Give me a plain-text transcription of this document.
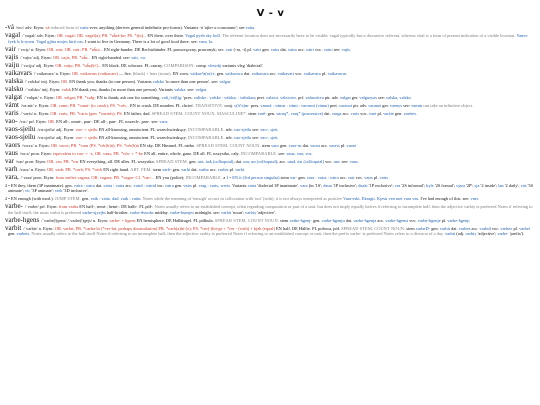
V - v
-vá /vɑː/ adv. Etym: vá reduced form of vaita ever, anything (derives general indefinite pro-forms). Variants -á 'after a consonant'; see vaita.
vagal /ˈvaɡal/ adv. Etym: OR. vagal; OR. vagal(a); PR. *uȟrā-ke; PS. *ṭ(u)... EN there, over there. Vagal pyeh sky holl. The referent location does not necessarily have to be visible; vagal typically has a discursive referent, whereas vital is a form of present indication of a visible location. Vanve fyek ls h‑rysen. Vagal gjāra mojes birū vas. I want to live in Germany. There is a lot of good food there. see: vara; la.
vair /ˈvaːi̯r/ n. Etym: OR. vair; OR. vair; PR. *uȟra... EN right‑hander. DE Rechtshänder. FL praworęczny, prawonyk; sec. vair (-ra, -i) pl. vairi gen. vairs dat. vaira acc. vairi voc. vairo see: vajis.
vajis /ˈvajis/ adj. Etym: OR. vajis; PR. *uȟr... EN right‑handed. see: vair, -ra.
vaiju /ˈvaːi̯ju/ adj. Etym: OR. vaiju; PR. *uȟa(kʷ)... EN black. DE schwarz. FL czarny. COMPARISON: comp. vleuobj variants vleg 'dialectal'.
vaikavars /ˈvaikavars/ n. Etym: OR. vaikavars (vaikavars) — fire. (black) + bars (stone), EN crow. vaikavʰa(ra)‑i; gen. vaikavoru dat. vaikavara acc. vaikavari voc. vaikavaro pl. vaikavarar.
valska /ˈvalska/ intj. Etym: OR. EN thank you, thanks (to one person). Variants valsko 'to more than one person'. see: valgat.
valsko /ˈvalsko/ intj. Etym: valsk EN thank you, thanks (to more than one person). Variants valska. see: valgat.
valgat /ˈvalɡat/ v. Etym: OR. valgat; PR. *ʋalg- EN to thank; ask one for something. valt₂ʳvá(l)g: 'pres. valiske : valske : valska; : valiskan; pret. valziot. valzictov. prf. valuozitva ptr. adv. valgat ger. valguzyas see: valska, valsko.
vámt /vaːmt/ v. Etym: OR. vamt; PR. *ʋamt- (to crush); PS. *ʋeh... EN to crush. DE murden. FL chcieć. TRANSITIVE. conj. v(ā°a)m‑ pres. vamsè : vámsi : vámt : vaomvá (vámu) pret. vaomot ptr. adv. vaomei ger. vaenys see: vamin can take an infinitive object.
varis /ˈvaris/ n. Etym: OR. varis; PR. *ʋaris (gen. *ʋarisēs); PS. EN father, dad. SPREAD STEM, COUNT NOUN, MASCULINE*. stem varê- gen. varuq*, varq* (possessive) dat. varga acc. varis voc. varė pl. varėte gen. varėtes.
vao‑ /vɑː/ prf. Etym: OR. EN all‑, omni‑, pan‑. DE all‑, pan‑. FL wszech‑, pan‑. see: vaos.
vaos‑sjeilu /vɑːsjeilu/ adj. Etym: vao‑ + sjeilu EN all‑knowing, omniscient. FL wszechwiedzący. INCOMPARABLE. adv. vao‑sjeilu see: vao‑, sjeit.
vaos‑sjeilu /vɑːsjeilu/ adj. Etym: vao‑ + sjeilu EN all‑knowing, omniscient. FL wszechwiedzący. INCOMPARABLE. adv. vao‑sjeilu see: vao‑, sjeit.
vaors /vɑːrs/ n. Etym: OR. vaors; PR. *ʋaru (PS. *ʋér(h)ŭ); PS. *ʋér(h)ŭ EN sky. DE Himmel. FL niebo. SPREAD STEM, COUNT NOUN. stem vaor gen. vaor‑ru dat. vaora acc. vaoris pl. vaorė
vaus /vɑːs/ pron. Etym: equivalent to vao‑ + -s; OR. vaus; PR. *ʋōs‑ + *-ke EN all, entire, whole, ganz. DE all. FL wszystko, cały. INCOMPARABLE. see: vaus; vao; vos.
var /var/ pron. Etym: OR. var; PR. *ʋar EN everything, all. DE alles. FL wszystko. SPREAD STEM. gen. urù, ùsk (colloquial); dat. ura; un (colloquial); acc. utad, ùst (colloquial) voc. urø. see: vaus.
varh /vaɾx/ n. Etym: OR. varh; PR. *ʋarh; PS. *ʋérh EN right hand. ART. FEM. stem varh‑ gen. varhi dat. varha acc. varhis pl. varhi.
vara, /ˈvara/ pron. Etym: from earlier vagara; OR. vagara; PR. *ʋagar- Cf. *ʋar-... EN you (polite); INCOMPARABLE. a 1 • EN it (3rd person singular) stem var‑ gen. vara : vaira : vaira acc. vair voc. vairs pl. varis
2 • EN they, them (3P inanimate). gen. vaira : vaira dat. vaira : vaira acc. vaird : vairid inc. vaira gen. vairs pl. varg : varis, weris. Variants vaira 'dialectal 3P inanimate'. vara (in '1S'; dzun '1P inclusive'; dzale '1P exclusive'; vra '2S informal'; kyle '2S formal'; vjara '2P'; sja '2 inside'; lan '2 daily'; vás '3S animate'; vic '3P animate'; viek '3D inclusive'.
2 • EN enough (with mod.). JUMP STEM. gen. vaik : vaitz. dad. vaik : vaitn. Notes while the meaning of 'enough' occurs in collocation with 'not' (with), it is not always interpreted as positive Vara‑eski. Ekragit. Kjesti ven mei vara vas. I've had enough of this. see: vaer.
varbe‑ /ˈvarbe/ prf. Etym: from varba EN half‑, semi‑, hemi‑. DE halb‑. FL pół‑. Notes usually refers to an established concept, often regarding composition or part of a unit, but does not imply equally halves if referring to incomplete half, then the adjective varbiy is preferred Notes if referring to the half itself, the noun varbit is preferred varbe‑sjyejbs half‑brother. varbe‑dvuobs midday. varbe‑hunrjes midnight. see: varbit 'noun'; varbiy 'adjective'.
varbe‑hgens /ˈvarbe(ʲ)ɡens/ /ˈvarbe(ʲ)ɡejs/ n. Etym: varbe‑ + hgens EN hemisphere. DE Halbkugel. FL półkula. SPREAD STEM, COUNT NOUN. stem varbe‑hgenj‑ gen. varbe‑hgenju dat. varbe‑hgenja acc. varbe‑hgenst voc. varbe‑hgenje pl. varbe‑hgenji
varbit /ˈvarbit/ n. Etym: OR. varbit; PR. *ʋarba‑bi (*ʋer‑bit, perhaps dissimilation) PR. *ʋarb(a)bi‑(o); PS. *ʋer(‑)bit‑ge + *ʋer ‑ (with) + kjek (equal) EN half. DE Hälfte. FL połowa, pół. SPREAD STEM, COUNT NOUN. stem varbeD‑ gen. varbit dat. varbea acc. varbid voc. varbeo pl. varbei gen. varbeis. Notes usually refers to the half itself Notes if referring to an incomplete half, then the adjective varbiy is preferred Notes if referring to an established concept or unit, then the prefix varbe‑ is preferred Notes refers to a division of a day. varbit (adj. varbiy 'adjective'; varbe‑ 'prefix').
